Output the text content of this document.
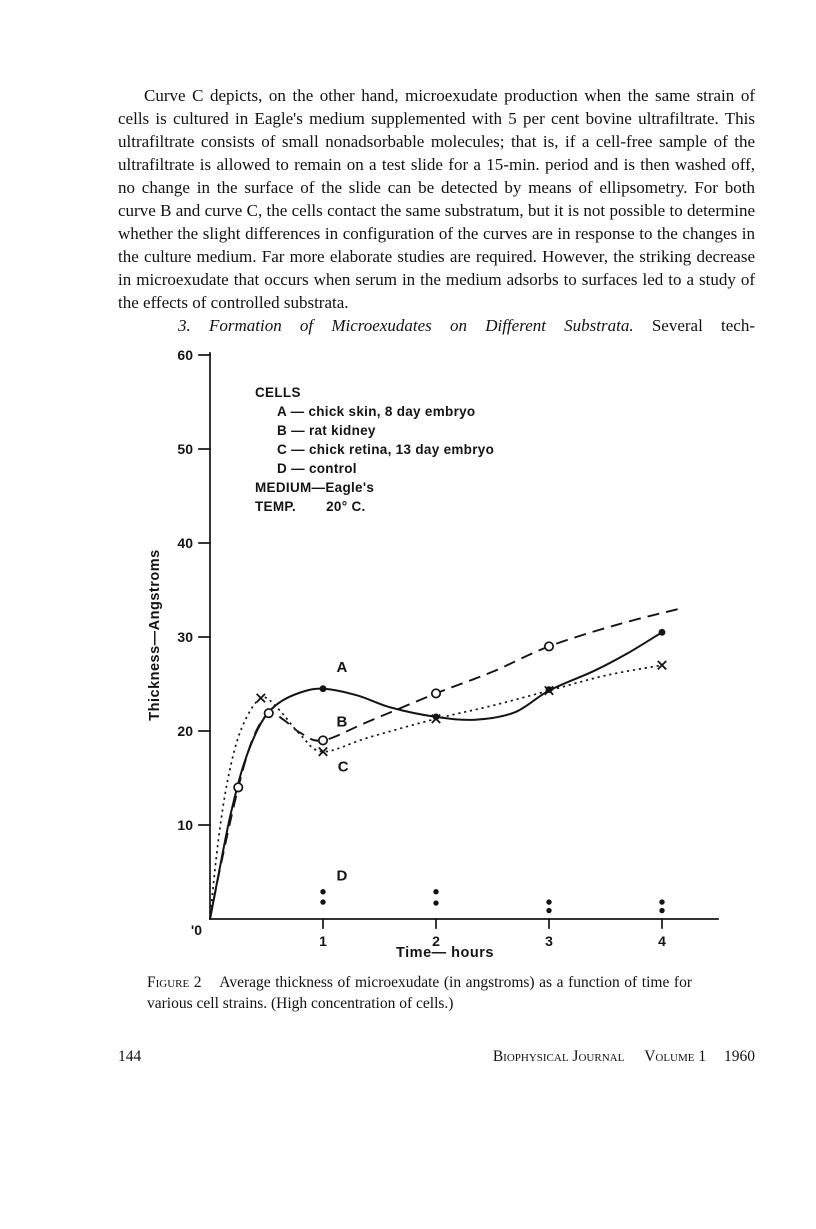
Curve C depicts, on the other hand, microexudate production when the same strain of cells is cultured in Eagle's medium supplemented with 5 per cent bovine ultrafiltrate. This ultrafiltrate consists of small nonadsorbable molecules; that is, if a cell-free sample of the ultrafiltrate is allowed to remain on a test slide for a 15-min. period and is then washed off, no change in the surface of the slide can be detected by means of ellipsometry. For both curve B and curve C, the cells contact the same substratum, but it is not possible to determine whether the slight differences in configuration of the curves are in response to the changes in the culture medium. Far more elaborate studies are required. However, the striking decrease in microexudate that occurs when serum in the medium adsorbs to surfaces led to a study of the effects of controlled substrata.

3. Formation of Microexudates on Different Substrata. Several tech-
Thickness—Angstroms
Time— hours
10
20
30
40
50
60
'0
1	2	3	4
A
B
C
D
CELLS
A — chick skin, 8 day embryo
B — rat kidney
C — chick retina, 13 day embryo
D — control
MEDIUM—Eagle's
TEMP. 20° C.
Figure 2 Average thickness of microexudate (in angstroms) as a function of time for various cell strains. (High concentration of cells.)
144	Biophysical Journal Volume 1 1960
